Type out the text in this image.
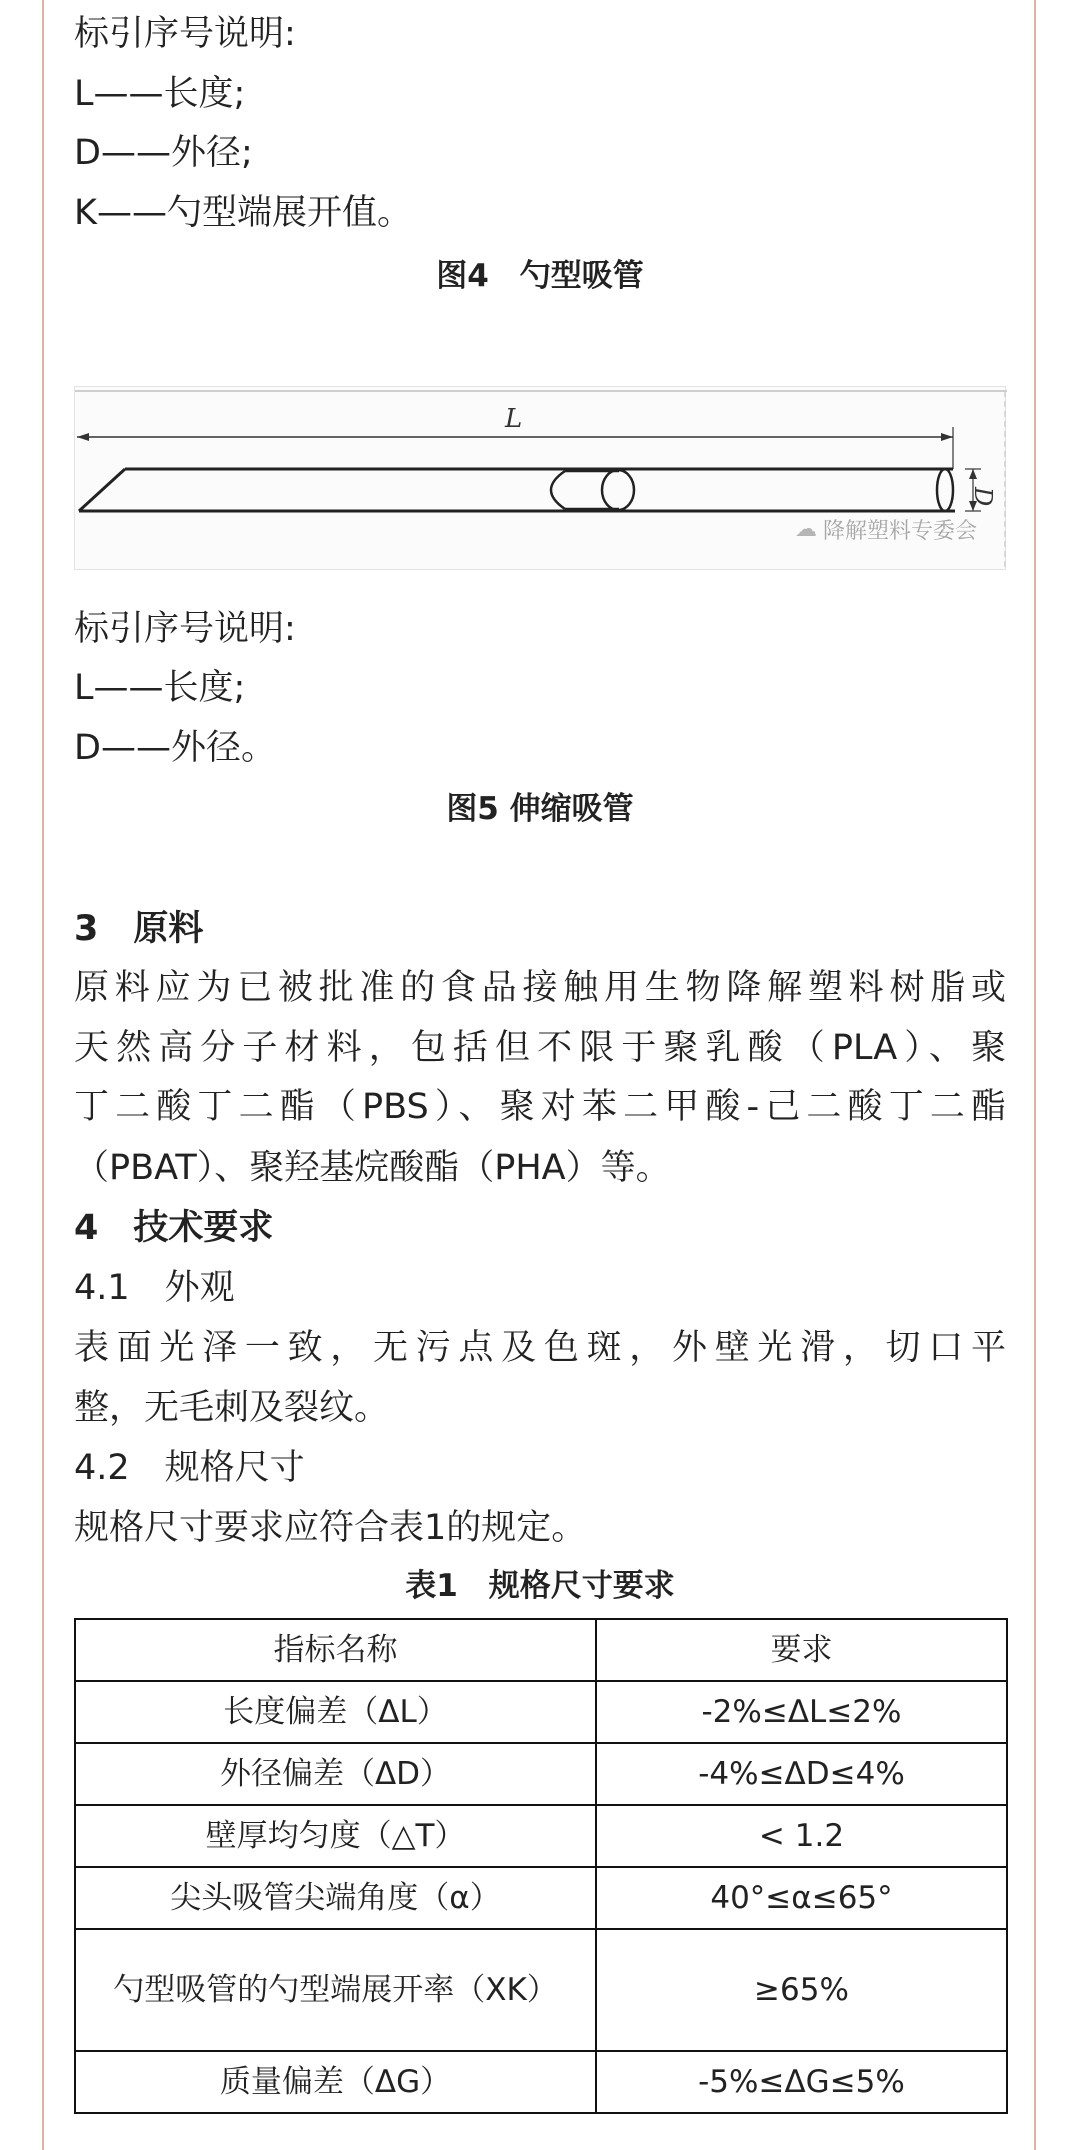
标引序号说明:
L——长度;
D——外径;
K——勺型端展开值。
图4　勺型吸管
L
D
☁ 降解塑料专委会
标引序号说明:
L——长度;
D——外径。
图5 伸缩吸管
3　原料
原料应为已被批准的食品接触用生物降解塑料树脂或
天然高分子材料，包括但不限于聚乳酸（PLA）、聚
丁二酸丁二酯（PBS）、聚对苯二甲酸-己二酸丁二酯
（PBAT）、聚羟基烷酸酯（PHA）等。
4　技术要求
4.1　外观
表面光泽一致，无污点及色斑，外壁光滑，切口平
整，无毛刺及裂纹。
4.2　规格尺寸
规格尺寸要求应符合表1的规定。
表1　规格尺寸要求
指标名称	要求
长度偏差（ΔL）	-2%≤ΔL≤2%
外径偏差（ΔD）	-4%≤ΔD≤4%
壁厚均匀度（△T）	< 1.2
尖头吸管尖端角度（α）	40°≤α≤65°
勺型吸管的勺型端展开率（XK）	≥65%
质量偏差（ΔG）	-5%≤ΔG≤5%
